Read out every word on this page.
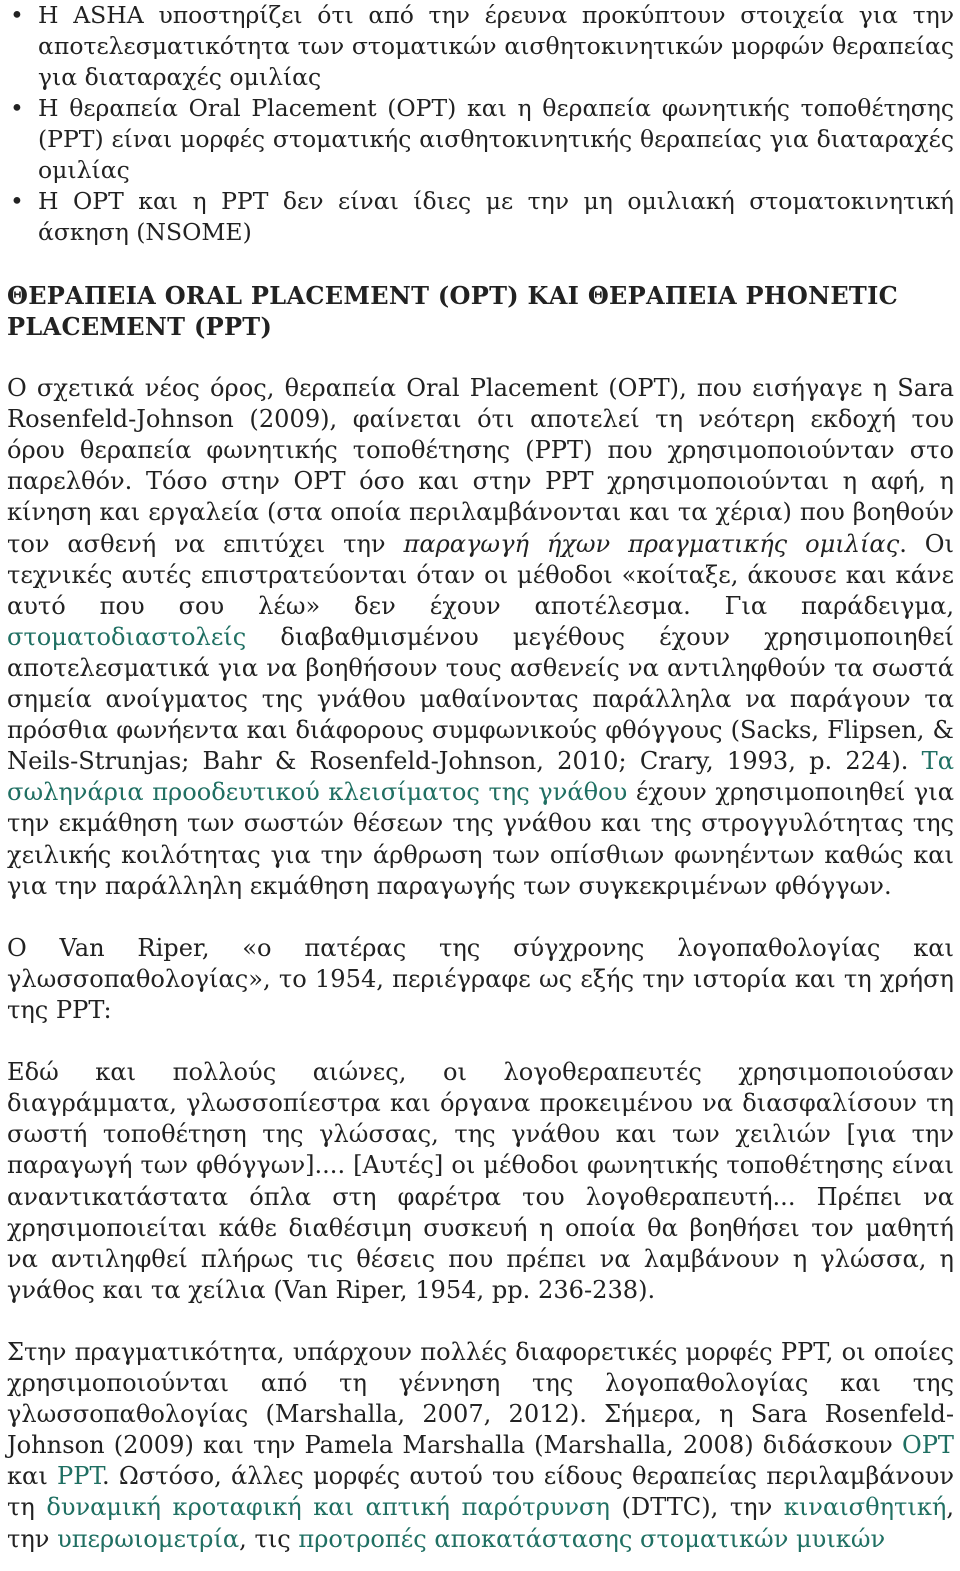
• Η ASHA υποστηρίζει ότι από την έρευνα προκύπτουν στοιχεία για την αποτελεσματικότητα των στοματικών αισθητοκινητικών μορφών θεραπείας για διαταραχές ομιλίας
• Η θεραπεία Oral Placement (OPT) και η θεραπεία φωνητικής τοποθέτησης (PPT) είναι μορφές στοματικής αισθητοκινητικής θεραπείας για διαταραχές ομιλίας
• Η OPT και η PPT δεν είναι ίδιες με την μη ομιλιακή στοματοκινητική άσκηση (NSOME)
ΘΕΡΑΠΕΙΑ ORAL PLACEMENT (OPT) ΚΑΙ ΘΕΡΑΠΕΙΑ PHONETIC PLACEMENT (PPT)

Ο σχετικά νέος όρος, θεραπεία Oral Placement (OPT), που εισήγαγε η Sara Rosenfeld-Johnson (2009), φαίνεται ότι αποτελεί τη νεότερη εκδοχή του όρου θεραπεία φωνητικής τοποθέτησης (PPT) που χρησιμοποιούνταν στο παρελθόν. Τόσο στην OPT όσο και στην PPT χρησιμοποιούνται η αφή, η κίνηση και εργαλεία (στα οποία περιλαμβάνονται και τα χέρια) που βοηθούν τον ασθενή να επιτύχει την παραγωγή ήχων πραγματικής ομιλίας. Οι τεχνικές αυτές επιστρατεύονται όταν οι μέθοδοι «κοίταξε, άκουσε και κάνε αυτό που σου λέω» δεν έχουν αποτέλεσμα. Για παράδειγμα, στοματοδιαστολείς διαβαθμισμένου μεγέθους έχουν χρησιμοποιηθεί αποτελεσματικά για να βοηθήσουν τους ασθενείς να αντιληφθούν τα σωστά σημεία ανοίγματος της γνάθου μαθαίνοντας παράλληλα να παράγουν τα πρόσθια φωνήεντα και διάφορους συμφωνικούς φθόγγους (Sacks, Flipsen, & Neils-Strunjas; Bahr & Rosenfeld-Johnson, 2010; Crary, 1993, p. 224). Τα σωληνάρια προοδευτικού κλεισίματος της γνάθου έχουν χρησιμοποιηθεί για την εκμάθηση των σωστών θέσεων της γνάθου και της στρογγυλότητας της χειλικής κοιλότητας για την άρθρωση των οπίσθιων φωνηέντων καθώς και για την παράλληλη εκμάθηση παραγωγής των συγκεκριμένων φθόγγων.

Ο Van Riper, «ο πατέρας της σύγχρονης λογοπαθολογίας και γλωσσοπαθολογίας», το 1954, περιέγραφε ως εξής την ιστορία και τη χρήση της PPT:

Εδώ και πολλούς αιώνες, οι λογοθεραπευτές χρησιμοποιούσαν διαγράμματα, γλωσσοπίεστρα και όργανα προκειμένου να διασφαλίσουν τη σωστή τοποθέτηση της γλώσσας, της γνάθου και των χειλιών [για την παραγωγή των φθόγγων].... [Αυτές] οι μέθοδοι φωνητικής τοποθέτησης είναι αναντικατάστατα όπλα στη φαρέτρα του λογοθεραπευτή... Πρέπει να χρησιμοποιείται κάθε διαθέσιμη συσκευή η οποία θα βοηθήσει τον μαθητή να αντιληφθεί πλήρως τις θέσεις που πρέπει να λαμβάνουν η γλώσσα, η γνάθος και τα χείλια (Van Riper, 1954, pp. 236-238).

Στην πραγματικότητα, υπάρχουν πολλές διαφορετικές μορφές PPT, οι οποίες χρησιμοποιούνται από τη γέννηση της λογοπαθολογίας και της γλωσσοπαθολογίας (Marshalla, 2007, 2012). Σήμερα, η Sara Rosenfeld-Johnson (2009) και την Pamela Marshalla (Marshalla, 2008) διδάσκουν OPT και PPT. Ωστόσο, άλλες μορφές αυτού του είδους θεραπείας περιλαμβάνουν τη δυναμική κροταφική και απτική παρότρυνση (DTTC), την κιναισθητική, την υπερωιομετρία, τις προτροπές αποκατάστασης στοματικών μυικών
